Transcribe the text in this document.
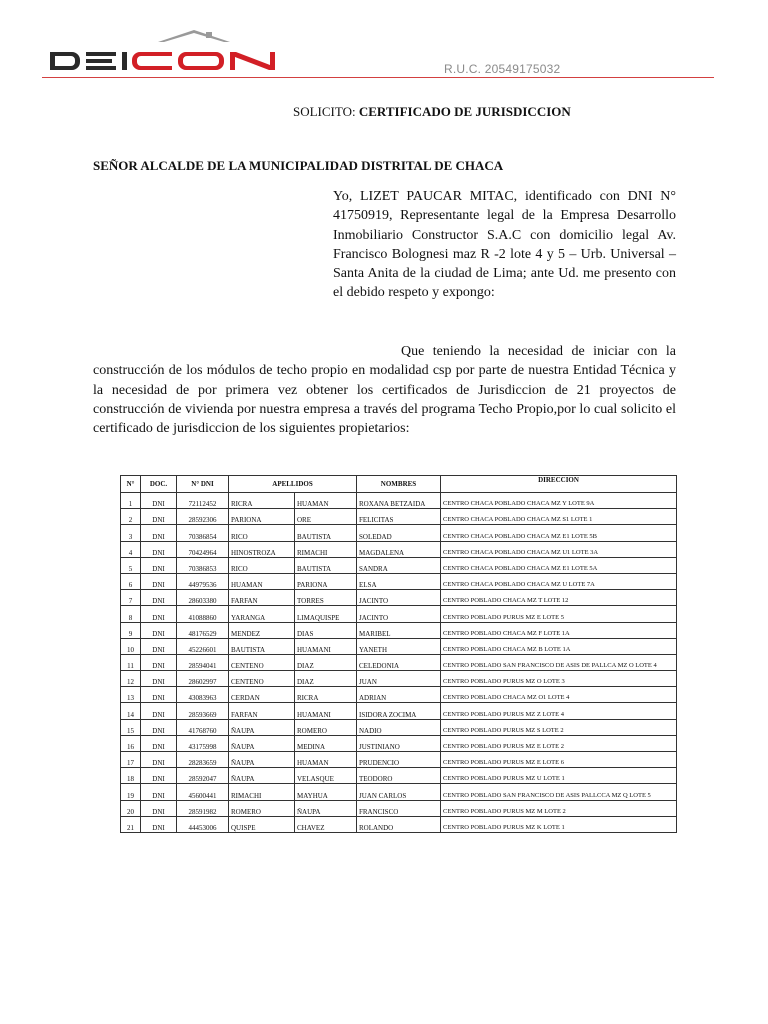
R.U.C. 20549175032
SOLICITO: CERTIFICADO DE JURISDICCION
SEÑOR ALCALDE DE LA MUNICIPALIDAD DISTRITAL DE CHACA
Yo, LIZET PAUCAR MITAC, identificado con DNI N° 41750919, Representante legal de la Empresa Desarrollo Inmobiliario Constructor S.A.C con domicilio legal Av. Francisco Bolognesi maz R -2 lote 4 y 5 – Urb. Universal – Santa Anita de la ciudad de Lima; ante Ud. me presento con el debido respeto y expongo:
Que teniendo la necesidad de iniciar con la construcción de los módulos de techo propio en modalidad csp por parte de nuestra Entidad Técnica y la necesidad de por primera vez obtener los certificados de Jurisdiccion de 21 proyectos de construcción de vivienda por nuestra empresa a través del programa Techo Propio,por lo cual solicito el certificado de jurisdiccion de los siguientes propietarios:
N°	DOC.	N° DNI	APELLIDOS		NOMBRES	DIRECCION
1	DNI	72112452	RICRA	HUAMAN	ROXANA BETZAIDA	CENTRO CHACA POBLADO CHACA MZ Y LOTE 9A
2	DNI	28592306	PARIONA	ORE	FELICITAS	CENTRO CHACA POBLADO CHACA MZ S1 LOTE 1
3	DNI	70386854	RICO	BAUTISTA	SOLEDAD	CENTRO CHACA POBLADO CHACA MZ E1 LOTE 5B
4	DNI	70424964	HINOSTROZA	RIMACHI	MAGDALENA	CENTRO CHACA POBLADO CHACA MZ U1 LOTE 3A
5	DNI	70386853	RICO	BAUTISTA	SANDRA	CENTRO CHACA POBLADO CHACA MZ E1 LOTE 5A
6	DNI	44979536	HUAMAN	PARIONA	ELSA	CENTRO CHACA POBLADO CHACA MZ U LOTE 7A
7	DNI	28603380	FARFAN	TORRES	JACINTO	CENTRO POBLADO CHACA MZ T LOTE 12
8	DNI	41088860	YARANGA	LIMAQUISPE	JACINTO	CENTRO POBLADO PURUS MZ E LOTE 5
9	DNI	48176529	MENDEZ	DIAS	MARIBEL	CENTRO POBLADO CHACA MZ F LOTE 1A
10	DNI	45226601	BAUTISTA	HUAMANI	YANETH	CENTRO POBLADO CHACA MZ B LOTE 1A
11	DNI	28594041	CENTENO	DIAZ	CELEDONIA	CENTRO POBLADO SAN FRANCISCO DE ASIS DE PALLCA MZ O LOTE 4
12	DNI	28602997	CENTENO	DIAZ	JUAN	CENTRO POBLADO PURUS MZ O LOTE 3
13	DNI	43083963	CERDAN	RICRA	ADRIAN	CENTRO POBLADO CHACA MZ O1 LOTE 4
14	DNI	28593669	FARFAN	HUAMANI	ISIDORA ZOCIMA	CENTRO POBLADO PURUS MZ Z LOTE 4
15	DNI	41768760	ÑAUPA	ROMERO	NADIO	CENTRO POBLADO PURUS MZ S LOTE 2
16	DNI	43175998	ÑAUPA	MEDINA	JUSTINIANO	CENTRO POBLADO PURUS MZ E LOTE 2
17	DNI	28283659	ÑAUPA	HUAMAN	PRUDENCIO	CENTRO POBLADO PURUS MZ E LOTE 6
18	DNI	28592047	ÑAUPA	VELASQUE	TEODORO	CENTRO POBLADO PURUS MZ U LOTE 1
19	DNI	45600441	RIMACHI	MAYHUA	JUAN CARLOS	CENTRO POBLADO SAN FRANCISCO DE ASIS PALLCCA MZ Q LOTE 5
20	DNI	28591982	ROMERO	ÑAUPA	FRANCISCO	CENTRO POBLADO PURUS MZ M LOTE 2
21	DNI	44453006	QUISPE	CHAVEZ	ROLANDO	CENTRO POBLADO PURUS MZ K LOTE 1
